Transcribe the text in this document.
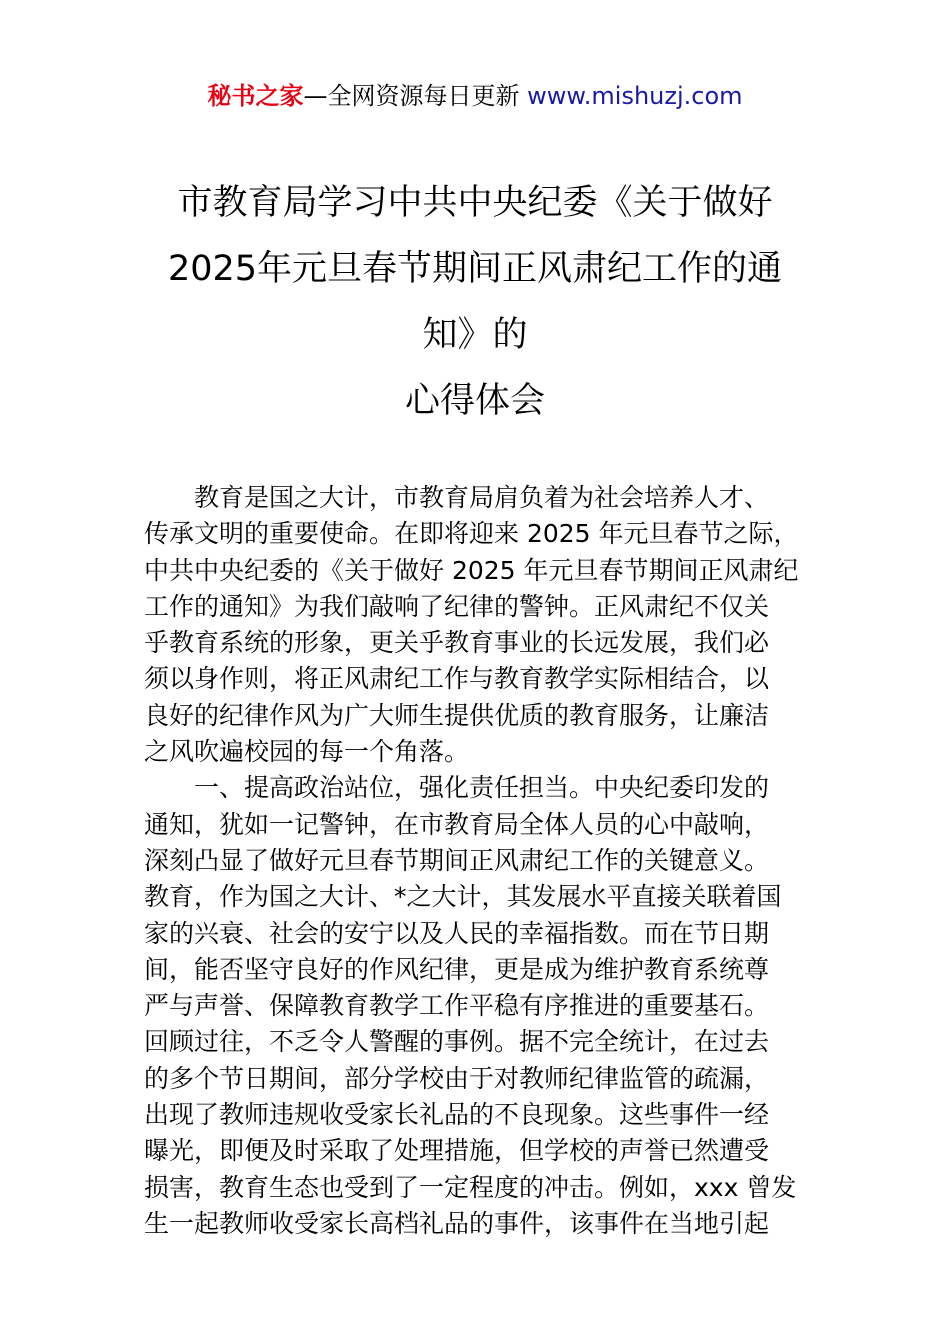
秘书之家—全网资源每日更新 www.mishuzj.com
市教育局学习中共中央纪委《关于做好
2025年元旦春节期间正风肃纪工作的通
知》的
心得体会
教育是国之大计，市教育局肩负着为社会培养人才、
传承文明的重要使命。在即将迎来 2025 年元旦春节之际，
中共中央纪委的《关于做好 2025 年元旦春节期间正风肃纪
工作的通知》为我们敲响了纪律的警钟。正风肃纪不仅关
乎教育系统的形象，更关乎教育事业的长远发展，我们必
须以身作则，将正风肃纪工作与教育教学实际相结合，以
良好的纪律作风为广大师生提供优质的教育服务，让廉洁
之风吹遍校园的每一个角落。
一、提高政治站位，强化责任担当。中央纪委印发的
通知，犹如一记警钟，在市教育局全体人员的心中敲响，
深刻凸显了做好元旦春节期间正风肃纪工作的关键意义。
教育，作为国之大计、*之大计，其发展水平直接关联着国
家的兴衰、社会的安宁以及人民的幸福指数。而在节日期
间，能否坚守良好的作风纪律，更是成为维护教育系统尊
严与声誉、保障教育教学工作平稳有序推进的重要基石。
回顾过往，不乏令人警醒的事例。据不完全统计，在过去
的多个节日期间，部分学校由于对教师纪律监管的疏漏，
出现了教师违规收受家长礼品的不良现象。这些事件一经
曝光，即便及时采取了处理措施，但学校的声誉已然遭受
损害，教育生态也受到了一定程度的冲击。例如，xxx 曾发
生一起教师收受家长高档礼品的事件，该事件在当地引起
